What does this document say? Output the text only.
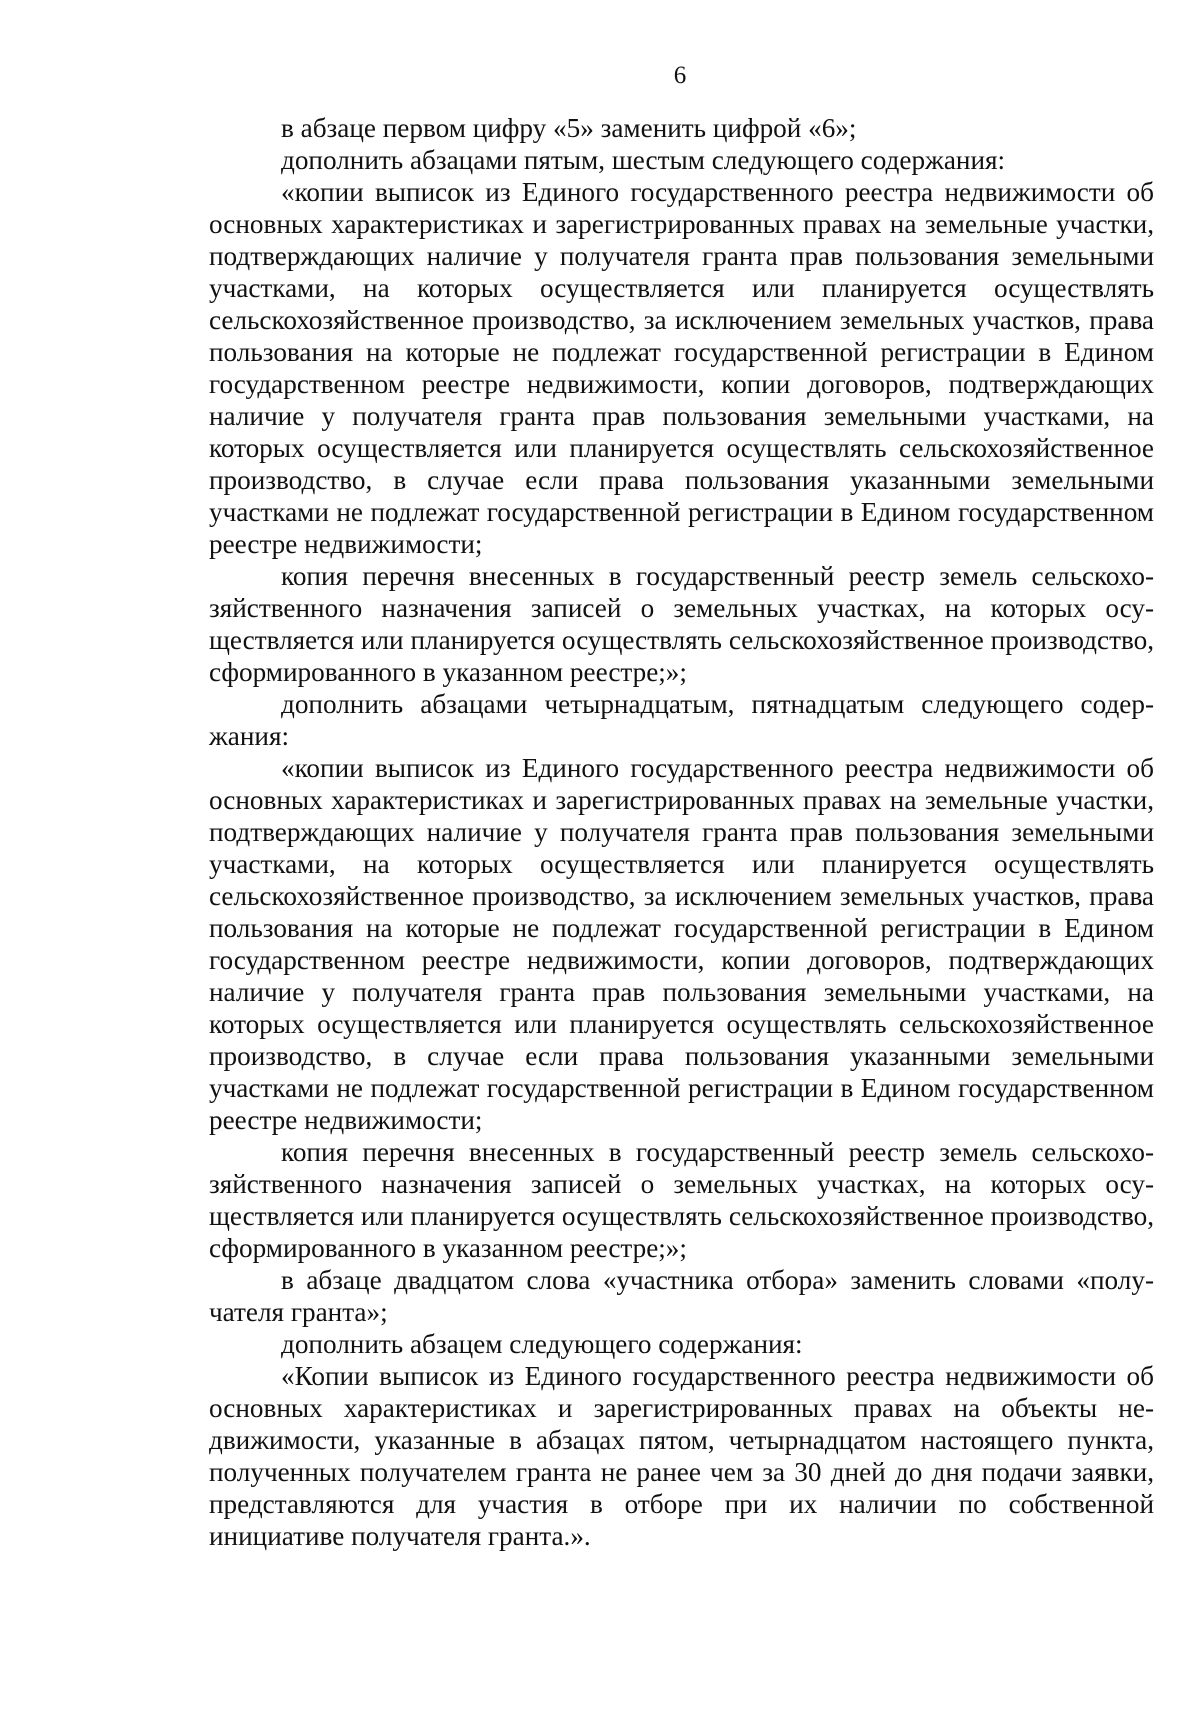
6

в абзаце первом цифру «5» заменить цифрой «6»;

дополнить абзацами пятым, шестым следующего содержания:

«копии выписок из Единого государственного реестра недвижимости об основных характеристиках и зарегистрированных правах на земельные участки, подтверждающих наличие у получателя гранта прав пользования земельными участками, на которых осуществляется или планируется осуществлять сельскохозяйственное производство, за исключением земельных участков, права пользования на которые не подлежат государственной регистрации в Едином государственном реестре недвижимости, копии договоров, подтверждающих наличие у получателя гранта прав пользования земельными участками, на которых осуществляется или планируется осуществлять сельскохозяйственное производство, в случае если права пользования указанными земельными участками не подлежат государственной регистрации в Едином государственном реестре недвижимости;

копия перечня внесенных в государственный реестр земель сельскохозяйственного назначения записей о земельных участках, на которых осуществляется или планируется осуществлять сельскохозяйственное производство, сформированного в указанном реестре;»;

дополнить абзацами четырнадцатым, пятнадцатым следующего содержания:

«копии выписок из Единого государственного реестра недвижимости об основных характеристиках и зарегистрированных правах на земельные участки, подтверждающих наличие у получателя гранта прав пользования земельными участками, на которых осуществляется или планируется осуществлять сельскохозяйственное производство, за исключением земельных участков, права пользования на которые не подлежат государственной регистрации в Едином государственном реестре недвижимости, копии договоров, подтверждающих наличие у получателя гранта прав пользования земельными участками, на которых осуществляется или планируется осуществлять сельскохозяйственное производство, в случае если права пользования указанными земельными участками не подлежат государственной регистрации в Едином государственном реестре недвижимости;

копия перечня внесенных в государственный реестр земель сельскохозяйственного назначения записей о земельных участках, на которых осуществляется или планируется осуществлять сельскохозяйственное производство, сформированного в указанном реестре;»;

в абзаце двадцатом слова «участника отбора» заменить словами «получателя гранта»;

дополнить абзацем следующего содержания:

«Копии выписок из Единого государственного реестра недвижимости об основных характеристиках и зарегистрированных правах на объекты недвижимости, указанные в абзацах пятом, четырнадцатом настоящего пункта, полученных получателем гранта не ранее чем за 30 дней до дня подачи заявки, представляются для участия в отборе при их наличии по собственной инициативе получателя гранта.».
